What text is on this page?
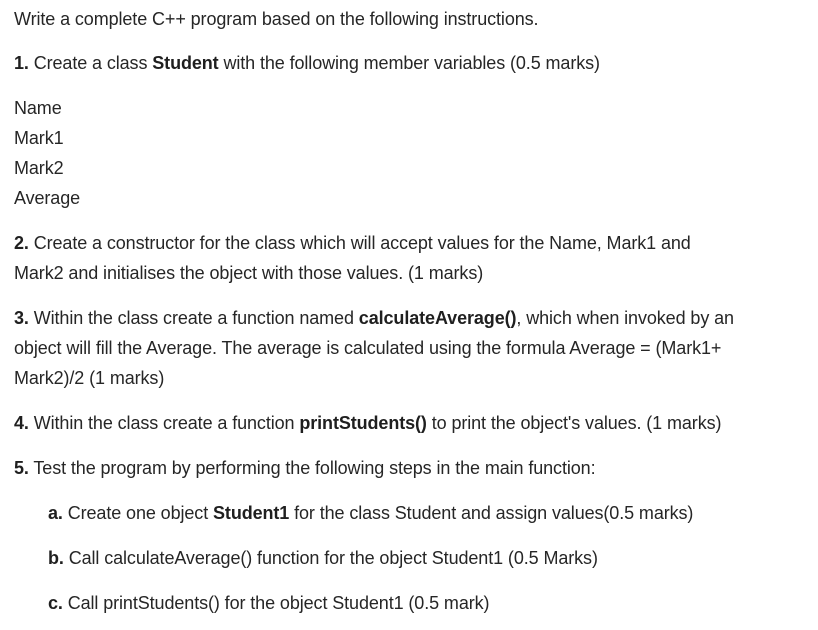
Write a complete C++ program based on the following instructions.
1. Create a class Student with the following member variables (0.5 marks)
Name
Mark1
Mark2
Average
2. Create a constructor for the class which will accept values for the Name, Mark1 and
Mark2 and initialises the object with those values. (1 marks)
3. Within the class create a function named calculateAverage(), which when invoked by an
object will fill the Average. The average is calculated using the formula Average = (Mark1+
Mark2)/2 (1 marks)
4. Within the class create a function printStudents() to print the object's values. (1 marks)
5. Test the program by performing the following steps in the main function:
a. Create one object Student1 for the class Student and assign values(0.5 marks)
b. Call calculateAverage() function for the object Student1 (0.5 Marks)
c. Call printStudents() for the object Student1 (0.5 mark)
